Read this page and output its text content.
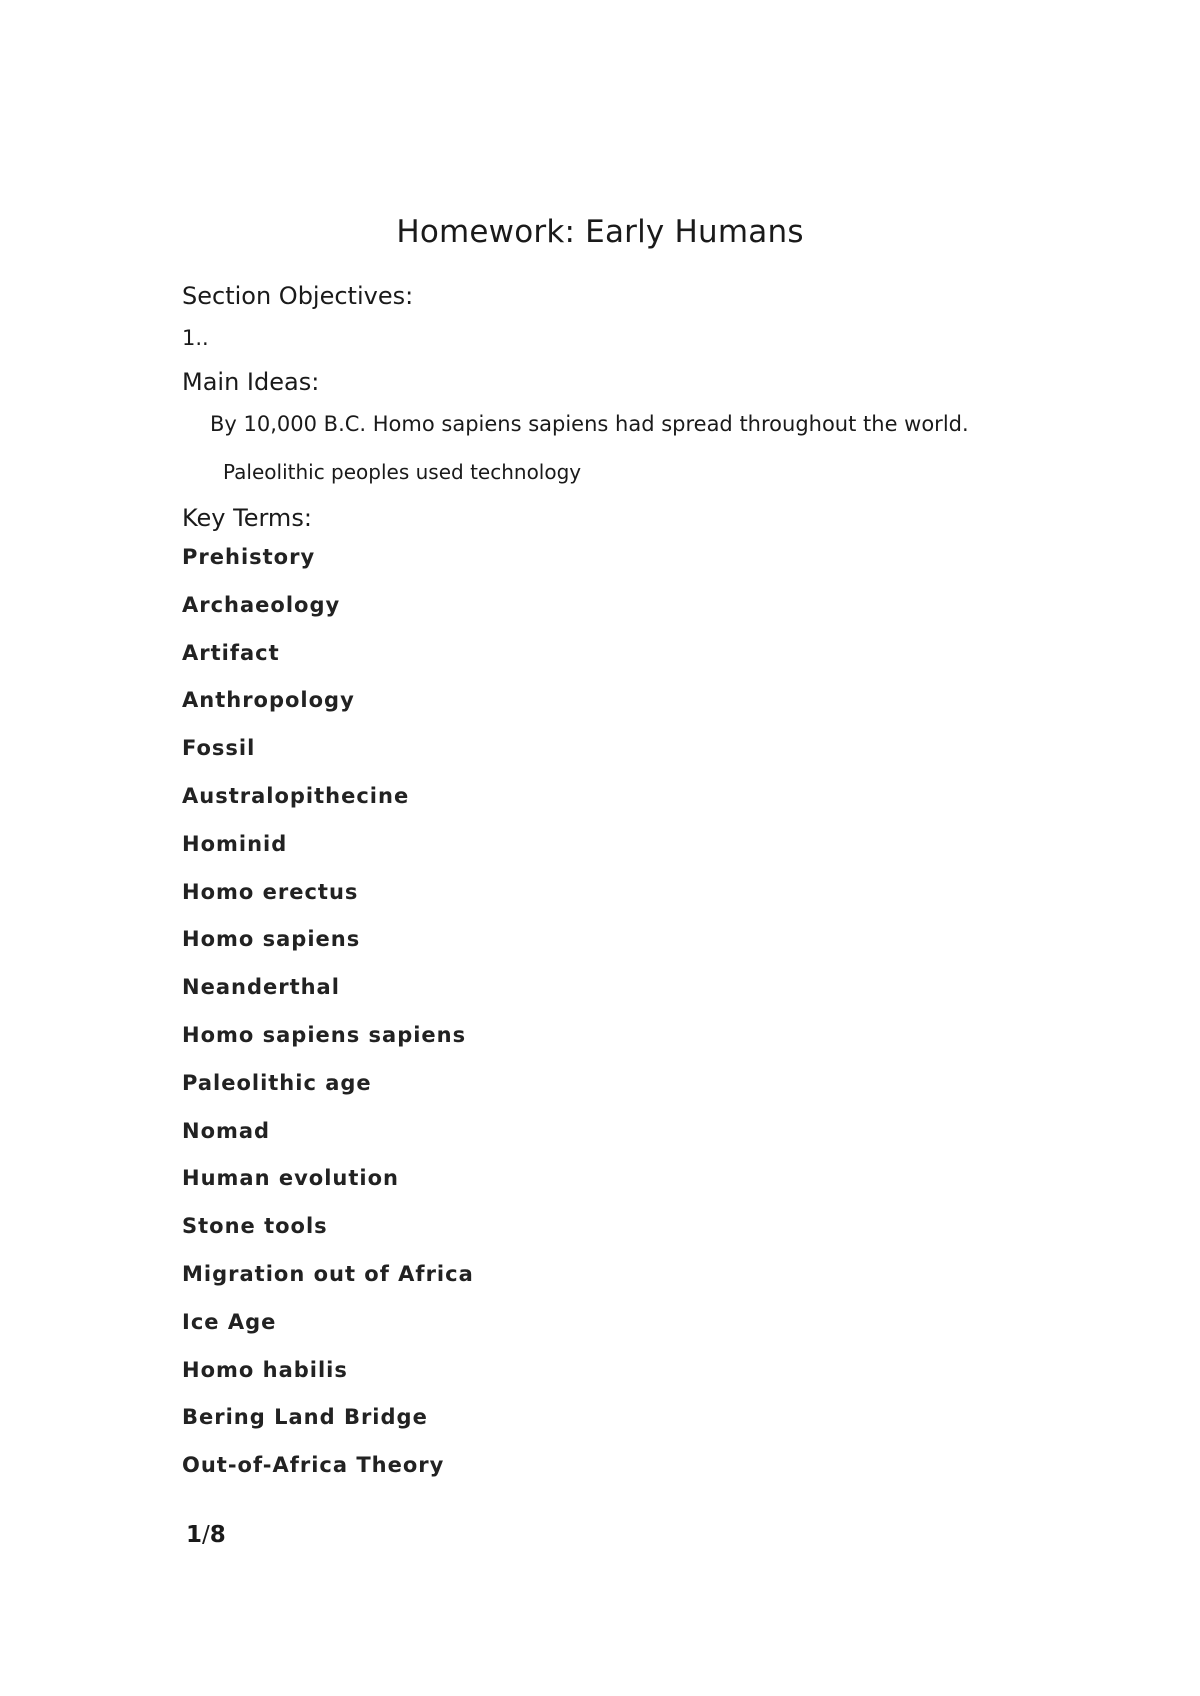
Homework: Early Humans
Section Objectives:
1..
Main Ideas:
By 10,000 B.C. Homo sapiens sapiens had spread throughout the world.
Paleolithic peoples used technology
Key Terms:
Prehistory
Archaeology
Artifact
Anthropology
Fossil
Australopithecine
Hominid
Homo erectus
Homo sapiens
Neanderthal
Homo sapiens sapiens
Paleolithic age
Nomad
Human evolution
Stone tools
Migration out of Africa
Ice Age
Homo habilis
Bering Land Bridge
Out-of-Africa Theory
1/8
